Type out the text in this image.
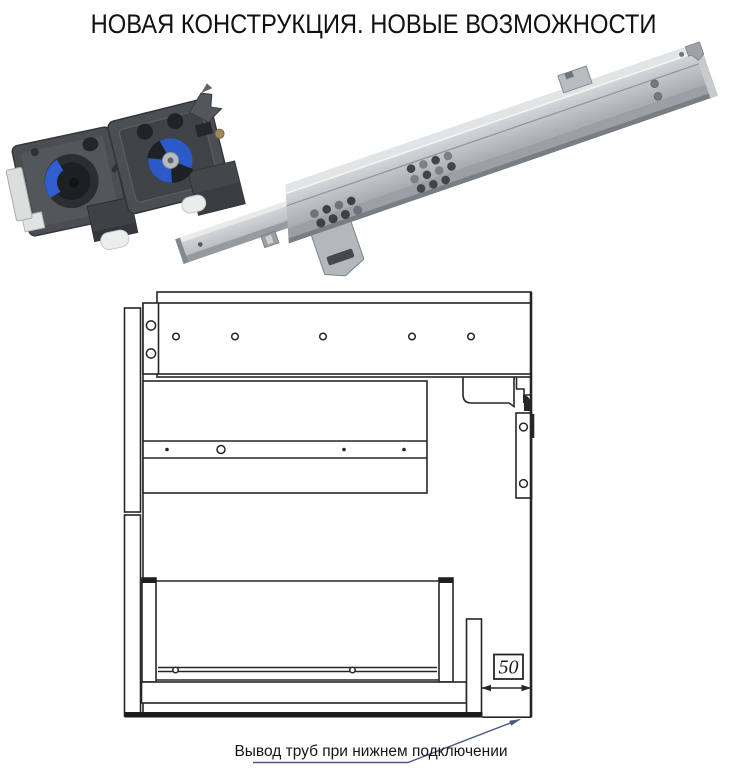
НОВАЯ КОНСТРУКЦИЯ. НОВЫЕ ВОЗМОЖНОСТИ
50
Вывод труб при нижнем подключении
